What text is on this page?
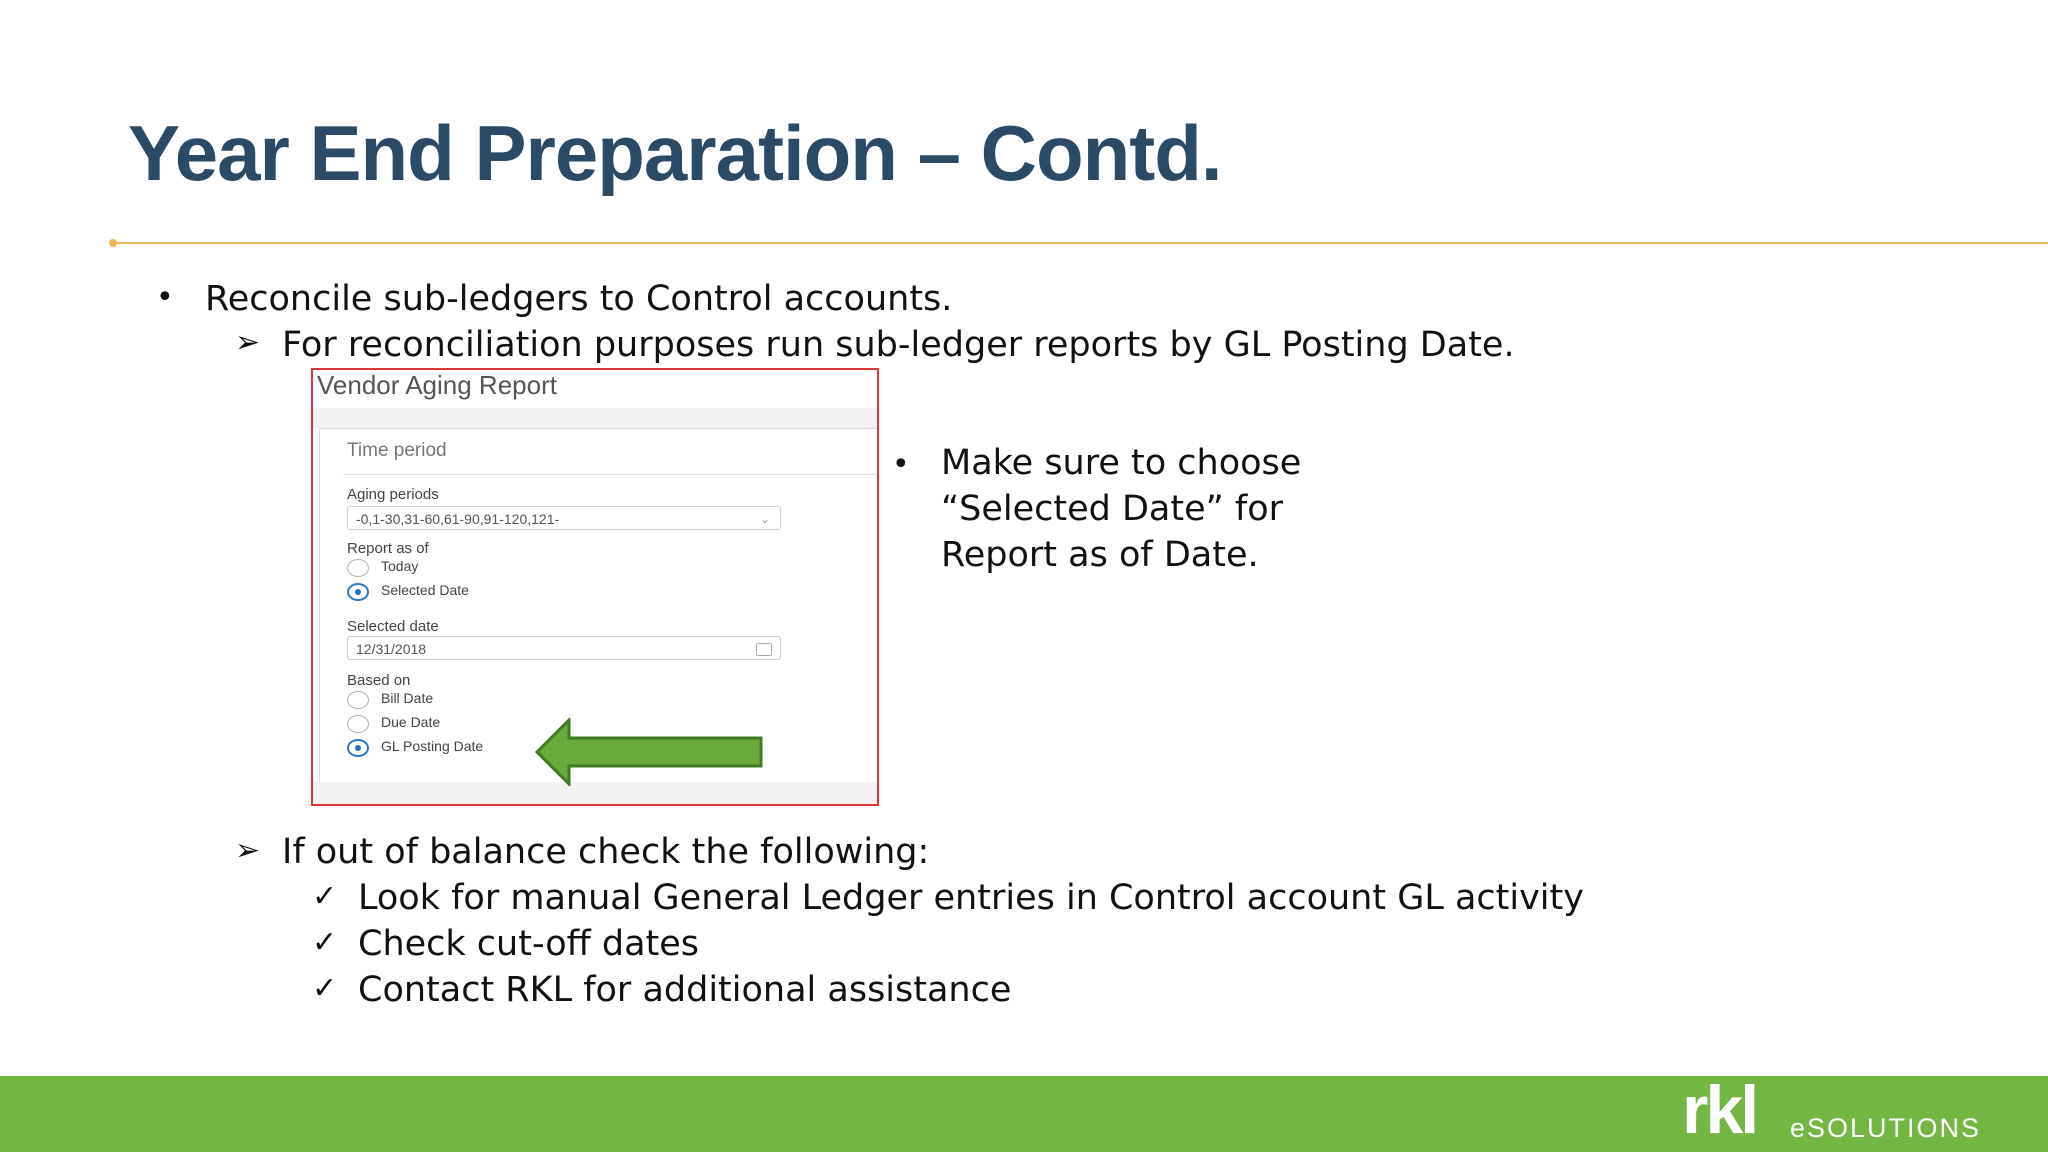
Year End Preparation – Contd.
• Reconcile sub-ledgers to Control accounts.
➢ For reconciliation purposes run sub-ledger reports by GL Posting Date.
Vendor Aging Report
Time period
Aging periods
-0,1-30,31-60,61-90,91-120,121-	⌄
Report as of
Today
Selected Date
Selected date
12/31/2018
Based on
Bill Date
Due Date
GL Posting Date
• Make sure to choose
“Selected Date” for
Report as of Date.
➢ If out of balance check the following:
✓ Look for manual General Ledger entries in Control account GL activity
✓ Check cut-off dates
✓ Contact RKL for additional assistance
rkl eSOLUTIONS
